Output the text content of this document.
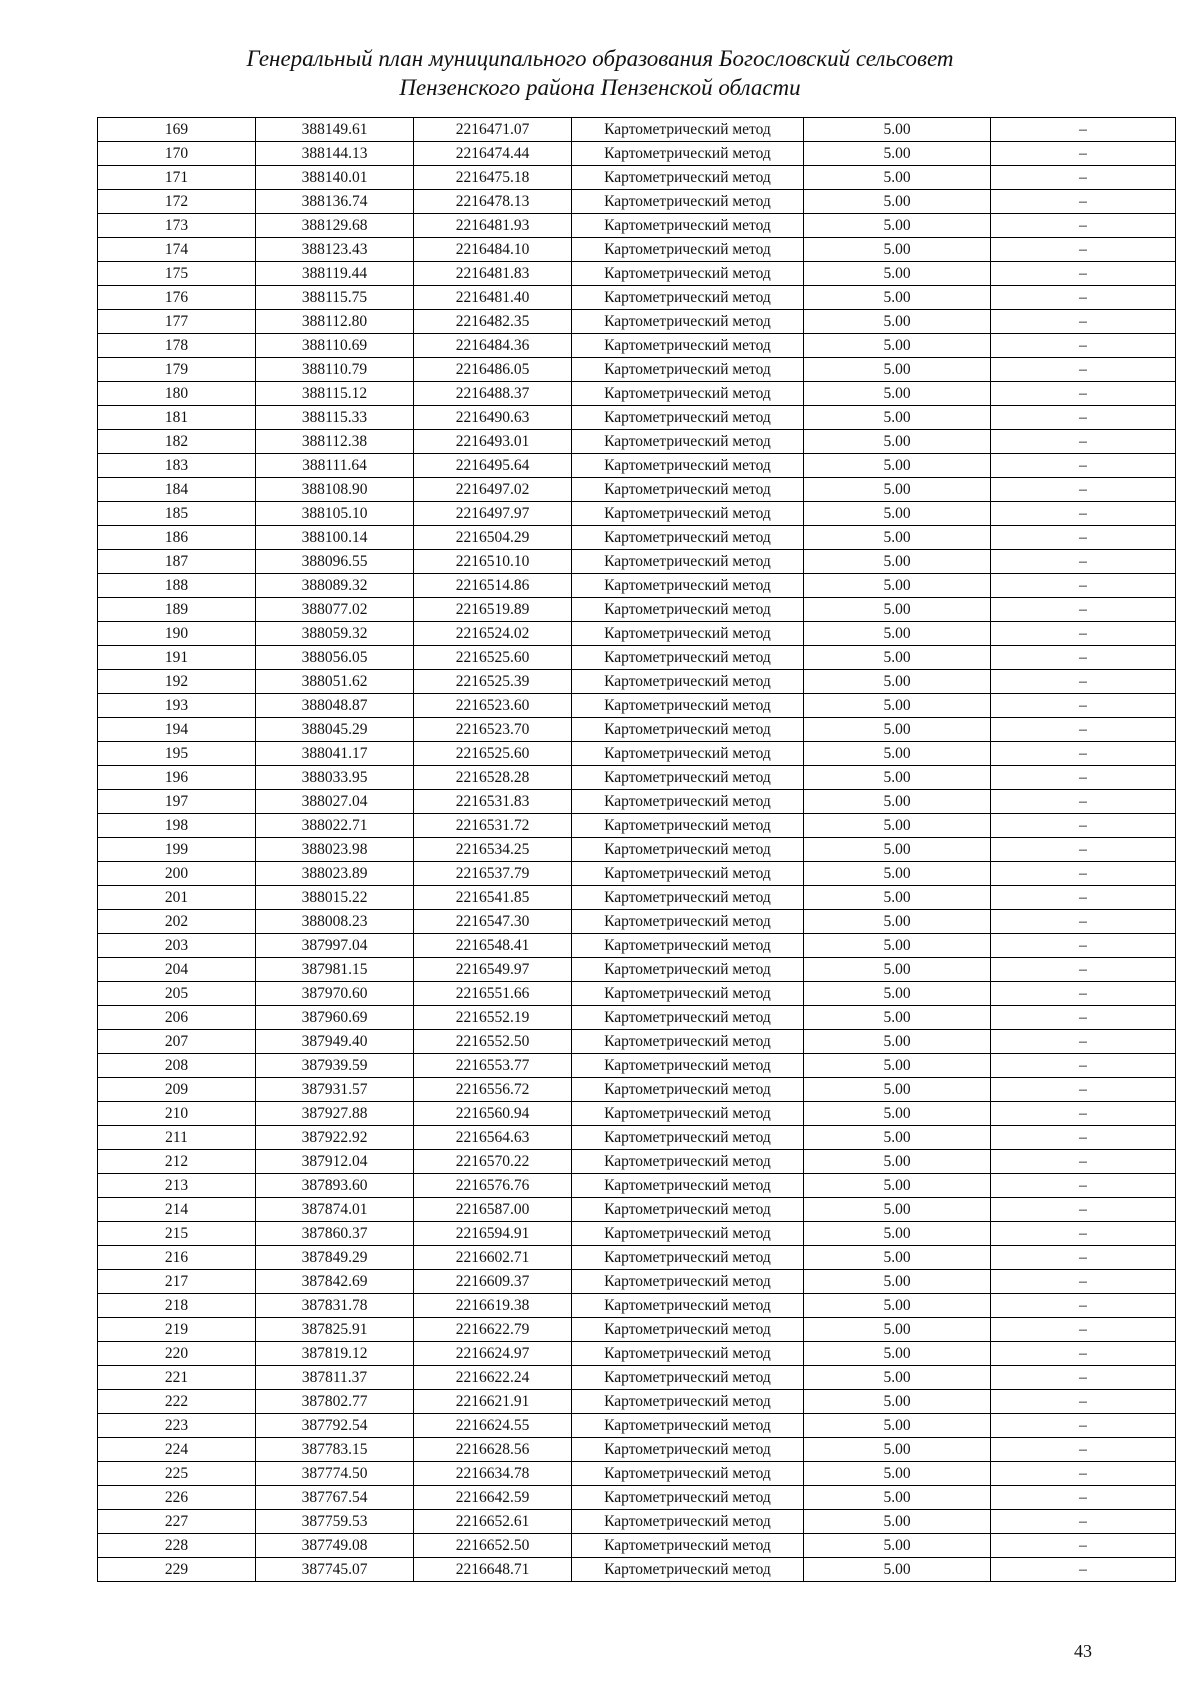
Генеральный план муниципального образования Богословский сельсовет
Пензенского района Пензенской области
169	388149.61	2216471.07	Картометрический метод	5.00	–
170	388144.13	2216474.44	Картометрический метод	5.00	–
171	388140.01	2216475.18	Картометрический метод	5.00	–
172	388136.74	2216478.13	Картометрический метод	5.00	–
173	388129.68	2216481.93	Картометрический метод	5.00	–
174	388123.43	2216484.10	Картометрический метод	5.00	–
175	388119.44	2216481.83	Картометрический метод	5.00	–
176	388115.75	2216481.40	Картометрический метод	5.00	–
177	388112.80	2216482.35	Картометрический метод	5.00	–
178	388110.69	2216484.36	Картометрический метод	5.00	–
179	388110.79	2216486.05	Картометрический метод	5.00	–
180	388115.12	2216488.37	Картометрический метод	5.00	–
181	388115.33	2216490.63	Картометрический метод	5.00	–
182	388112.38	2216493.01	Картометрический метод	5.00	–
183	388111.64	2216495.64	Картометрический метод	5.00	–
184	388108.90	2216497.02	Картометрический метод	5.00	–
185	388105.10	2216497.97	Картометрический метод	5.00	–
186	388100.14	2216504.29	Картометрический метод	5.00	–
187	388096.55	2216510.10	Картометрический метод	5.00	–
188	388089.32	2216514.86	Картометрический метод	5.00	–
189	388077.02	2216519.89	Картометрический метод	5.00	–
190	388059.32	2216524.02	Картометрический метод	5.00	–
191	388056.05	2216525.60	Картометрический метод	5.00	–
192	388051.62	2216525.39	Картометрический метод	5.00	–
193	388048.87	2216523.60	Картометрический метод	5.00	–
194	388045.29	2216523.70	Картометрический метод	5.00	–
195	388041.17	2216525.60	Картометрический метод	5.00	–
196	388033.95	2216528.28	Картометрический метод	5.00	–
197	388027.04	2216531.83	Картометрический метод	5.00	–
198	388022.71	2216531.72	Картометрический метод	5.00	–
199	388023.98	2216534.25	Картометрический метод	5.00	–
200	388023.89	2216537.79	Картометрический метод	5.00	–
201	388015.22	2216541.85	Картометрический метод	5.00	–
202	388008.23	2216547.30	Картометрический метод	5.00	–
203	387997.04	2216548.41	Картометрический метод	5.00	–
204	387981.15	2216549.97	Картометрический метод	5.00	–
205	387970.60	2216551.66	Картометрический метод	5.00	–
206	387960.69	2216552.19	Картометрический метод	5.00	–
207	387949.40	2216552.50	Картометрический метод	5.00	–
208	387939.59	2216553.77	Картометрический метод	5.00	–
209	387931.57	2216556.72	Картометрический метод	5.00	–
210	387927.88	2216560.94	Картометрический метод	5.00	–
211	387922.92	2216564.63	Картометрический метод	5.00	–
212	387912.04	2216570.22	Картометрический метод	5.00	–
213	387893.60	2216576.76	Картометрический метод	5.00	–
214	387874.01	2216587.00	Картометрический метод	5.00	–
215	387860.37	2216594.91	Картометрический метод	5.00	–
216	387849.29	2216602.71	Картометрический метод	5.00	–
217	387842.69	2216609.37	Картометрический метод	5.00	–
218	387831.78	2216619.38	Картометрический метод	5.00	–
219	387825.91	2216622.79	Картометрический метод	5.00	–
220	387819.12	2216624.97	Картометрический метод	5.00	–
221	387811.37	2216622.24	Картометрический метод	5.00	–
222	387802.77	2216621.91	Картометрический метод	5.00	–
223	387792.54	2216624.55	Картометрический метод	5.00	–
224	387783.15	2216628.56	Картометрический метод	5.00	–
225	387774.50	2216634.78	Картометрический метод	5.00	–
226	387767.54	2216642.59	Картометрический метод	5.00	–
227	387759.53	2216652.61	Картометрический метод	5.00	–
228	387749.08	2216652.50	Картометрический метод	5.00	–
229	387745.07	2216648.71	Картометрический метод	5.00	–
43
